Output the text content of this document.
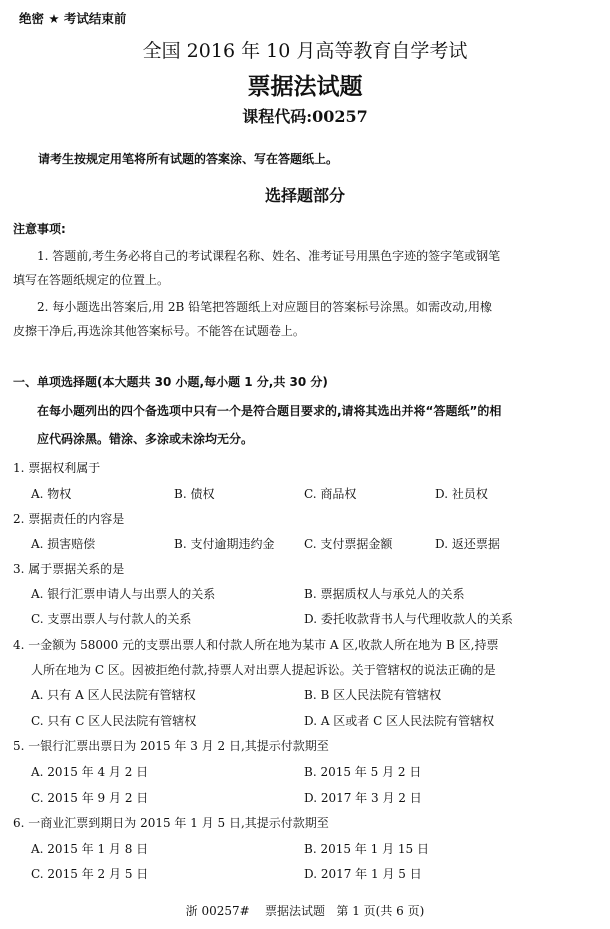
绝密 ★ 考试结束前
全国 2016 年 10 月高等教育自学考试
票据法试题
课程代码:00257
请考生按规定用笔将所有试题的答案涂、写在答题纸上。
选择题部分
注意事项:
1. 答题前,考生务必将自己的考试课程名称、姓名、准考证号用黑色字迹的签字笔或钢笔
填写在答题纸规定的位置上。
2. 每小题选出答案后,用 2B 铅笔把答题纸上对应题目的答案标号涂黑。如需改动,用橡
皮擦干净后,再选涂其他答案标号。不能答在试题卷上。
一、单项选择题(本大题共 30 小题,每小题 1 分,共 30 分)
在每小题列出的四个备选项中只有一个是符合题目要求的,请将其选出并将“答题纸”的相
应代码涂黑。错涂、多涂或未涂均无分。
1. 票据权利属于
A. 物权	B. 债权	C. 商品权	D. 社员权
2. 票据责任的内容是
A. 损害赔偿	B. 支付逾期违约金 C. 支付票据金额	D. 返还票据
3. 属于票据关系的是
A. 银行汇票申请人与出票人的关系	B. 票据质权人与承兑人的关系
C. 支票出票人与付款人的关系	D. 委托收款背书人与代理收款人的关系
4. 一金额为 58000 元的支票出票人和付款人所在地为某市 A 区,收款人所在地为 B 区,持票
人所在地为 C 区。因被拒绝付款,持票人对出票人提起诉讼。关于管辖权的说法正确的是
A. 只有 A 区人民法院有管辖权	B. B 区人民法院有管辖权
C. 只有 C 区人民法院有管辖权	D. A 区或者 C 区人民法院有管辖权
5. 一银行汇票出票日为 2015 年 3 月 2 日,其提示付款期至
A. 2015 年 4 月 2 日	B. 2015 年 5 月 2 日
C. 2015 年 9 月 2 日	D. 2017 年 3 月 2 日
6. 一商业汇票到期日为 2015 年 1 月 5 日,其提示付款期至
A. 2015 年 1 月 8 日	B. 2015 年 1 月 15 日
C. 2015 年 2 月 5 日	D. 2017 年 1 月 5 日
浙 00257#    票据法试题   第 1 页(共 6 页)
